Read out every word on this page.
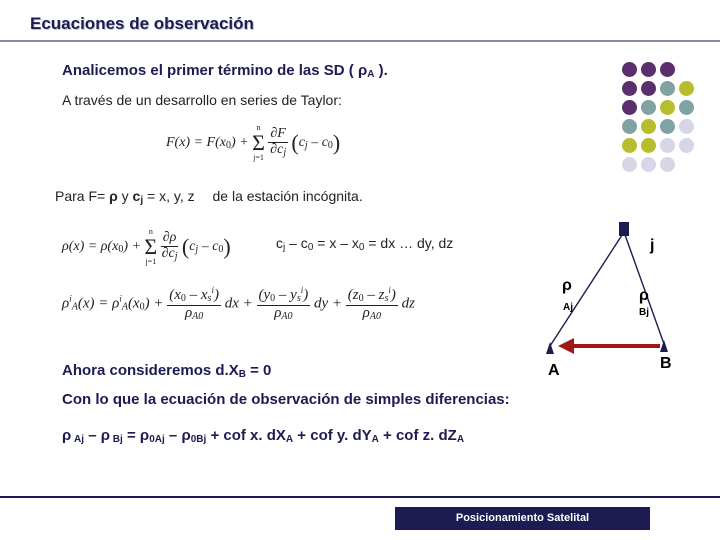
Ecuaciones de observación
Analicemos el primer término de las SD ( $\rho_A$ ).
A través de un desarrollo en series de Taylor:
$F(x) = F(x_0)$ +
n
Σ
j=1
$\frac{\partial F}{\partial c_j} (c_j - c_0)$
Para F= ρ y $c_j = x$, y, z de la estación incógnita.
$\rho(x) = \rho(x_0)$ +
n
Σ
j=1
$\frac{\partial\rho}{\partial c_j} (c_j - c_0)$	$c_j - c_0 = x - x_0$ = dx … dy, dz
$\rho^i_A(x) = \rho^i_A(x_0) + \frac{(x_0 - x_s^i)}{\rho_{A0}}$ dx + $\frac{(y_0 - y_s^i)}{\rho_{A0}}$ dy + $\frac{(z_0 - z_s^i)}{\rho_{A0}}$ dz
j
ρ
Aj
ρ
Bj
A	B
Ahora consideremos $d.X_B = 0$
Con lo que la ecuación de observación de simples diferencias:
ρ $_{Aj}$ – ρ $_{Bj} = \rho_{0Aj} - \rho_{0Bj}$ + cof x. $dX_A$ + cof y. $dY_A$ + cof z. $dZ_A$
Posicionamiento Satelital
